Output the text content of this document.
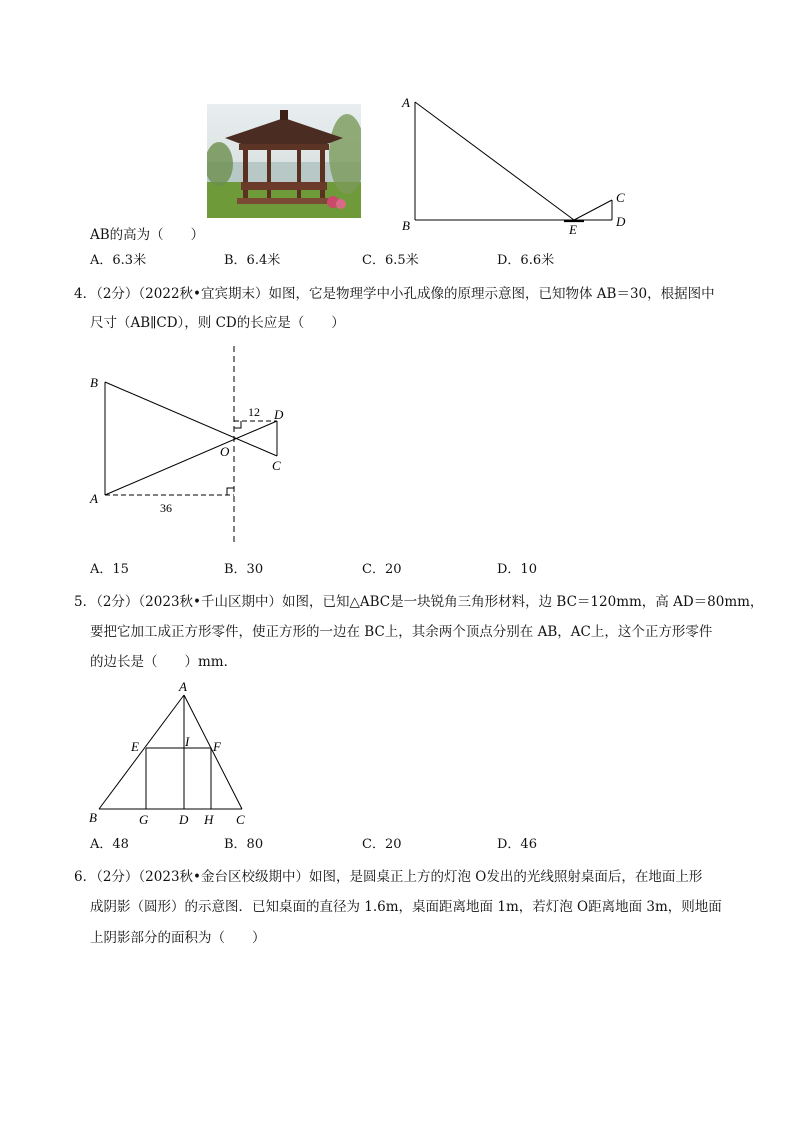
A
B
C
D
E
AB的高为（　　）
A．6.3米	B．6.4米	C．6.5米	D．6.6米
4．（2分）（2022秋•宜宾期末）如图，它是物理学中小孔成像的原理示意图，已知物体 AB＝30，根据图中
尺寸（AB∥CD），则 CD的长应是（　　）
B
A
D
C
O
12
36
A．15	B．30	C．20	D．10
5．（2分）（2023秋•千山区期中）如图，已知△ABC是一块锐角三角形材料，边 BC＝120mm，高 AD＝80mm，
要把它加工成正方形零件，使正方形的一边在 BC上，其余两个顶点分别在 AB，AC上，这个正方形零件
的边长是（　　）mm．
A
B	C
D
E	F
G	H
I
A．48	B．80	C．20	D．46
6．（2分）（2023秋•金台区校级期中）如图，是圆桌正上方的灯泡 O发出的光线照射桌面后，在地面上形
成阴影（圆形）的示意图．已知桌面的直径为 1.6m，桌面距离地面 1m，若灯泡 O距离地面 3m，则地面
上阴影部分的面积为（　　）
